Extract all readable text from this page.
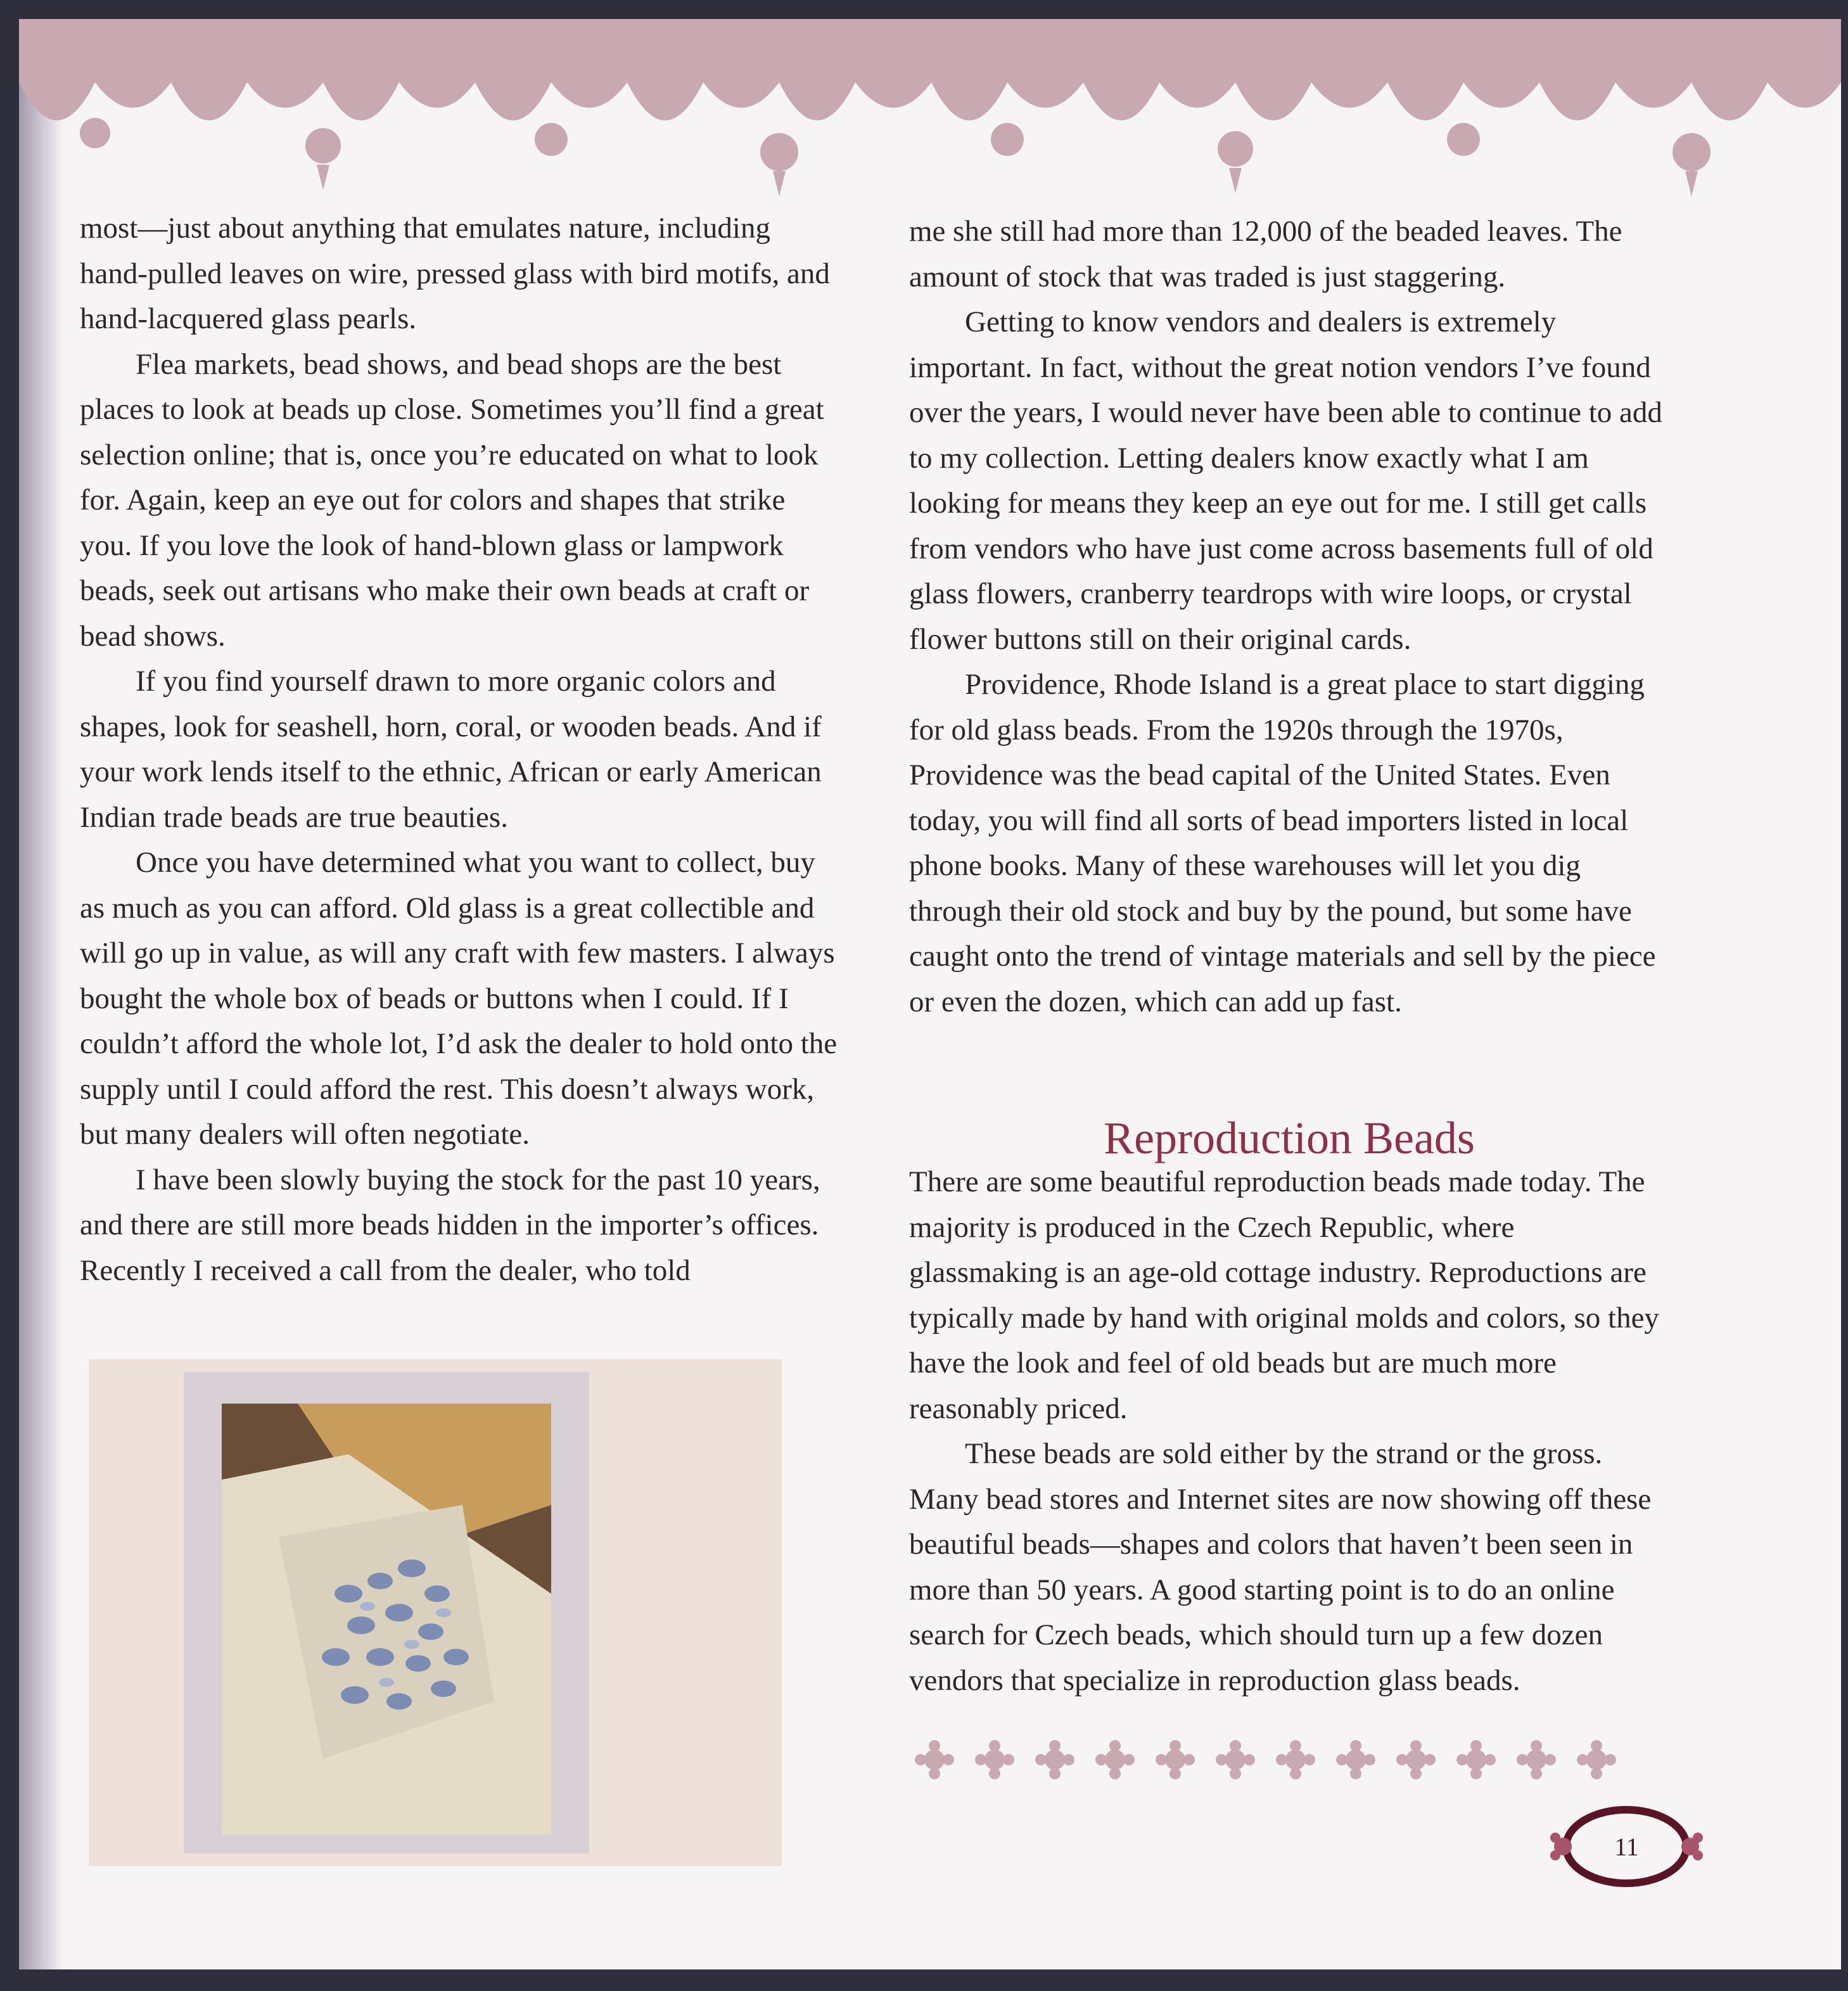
most—just about anything that emulates nature, including hand-pulled leaves on wire, pressed glass with bird motifs, and hand-lacquered glass pearls.

Flea markets, bead shows, and bead shops are the best places to look at beads up close. Sometimes you’ll find a great selection online; that is, once you’re educated on what to look for. Again, keep an eye out for colors and shapes that strike you. If you love the look of hand-blown glass or lampwork beads, seek out artisans who make their own beads at craft or bead shows.

If you find yourself drawn to more organic colors and shapes, look for seashell, horn, coral, or wooden beads. And if your work lends itself to the ethnic, African or early American Indian trade beads are true beauties.

Once you have determined what you want to collect, buy as much as you can afford. Old glass is a great collectible and will go up in value, as will any craft with few masters. I always bought the whole box of beads or buttons when I could. If I couldn’t afford the whole lot, I’d ask the dealer to hold onto the supply until I could afford the rest. This doesn’t always work, but many dealers will often negotiate.

I have been slowly buying the stock for the past 10 years, and there are still more beads hidden in the importer’s offices. Recently I received a call from the dealer, who told

me she still had more than 12,000 of the beaded leaves. The amount of stock that was traded is just staggering.

Getting to know vendors and dealers is extremely important. In fact, without the great notion vendors I’ve found over the years, I would never have been able to continue to add to my collection. Letting dealers know exactly what I am looking for means they keep an eye out for me. I still get calls from vendors who have just come across basements full of old glass flowers, cranberry teardrops with wire loops, or crystal flower buttons still on their original cards.

Providence, Rhode Island is a great place to start digging for old glass beads. From the 1920s through the 1970s, Providence was the bead capital of the United States. Even today, you will find all sorts of bead importers listed in local phone books. Many of these warehouses will let you dig through their old stock and buy by the pound, but some have caught onto the trend of vintage materials and sell by the piece or even the dozen, which can add up fast.

Reproduction Beads

There are some beautiful reproduction beads made today. The majority is produced in the Czech Republic, where glassmaking is an age-old cottage industry. Reproductions are typically made by hand with original molds and colors, so they have the look and feel of old beads but are much more reasonably priced.

These beads are sold either by the strand or the gross. Many bead stores and Internet sites are now showing off these beautiful beads—shapes and colors that haven’t been seen in more than 50 years. A good starting point is to do an online search for Czech beads, which should turn up a few dozen vendors that specialize in reproduction glass beads.

11
